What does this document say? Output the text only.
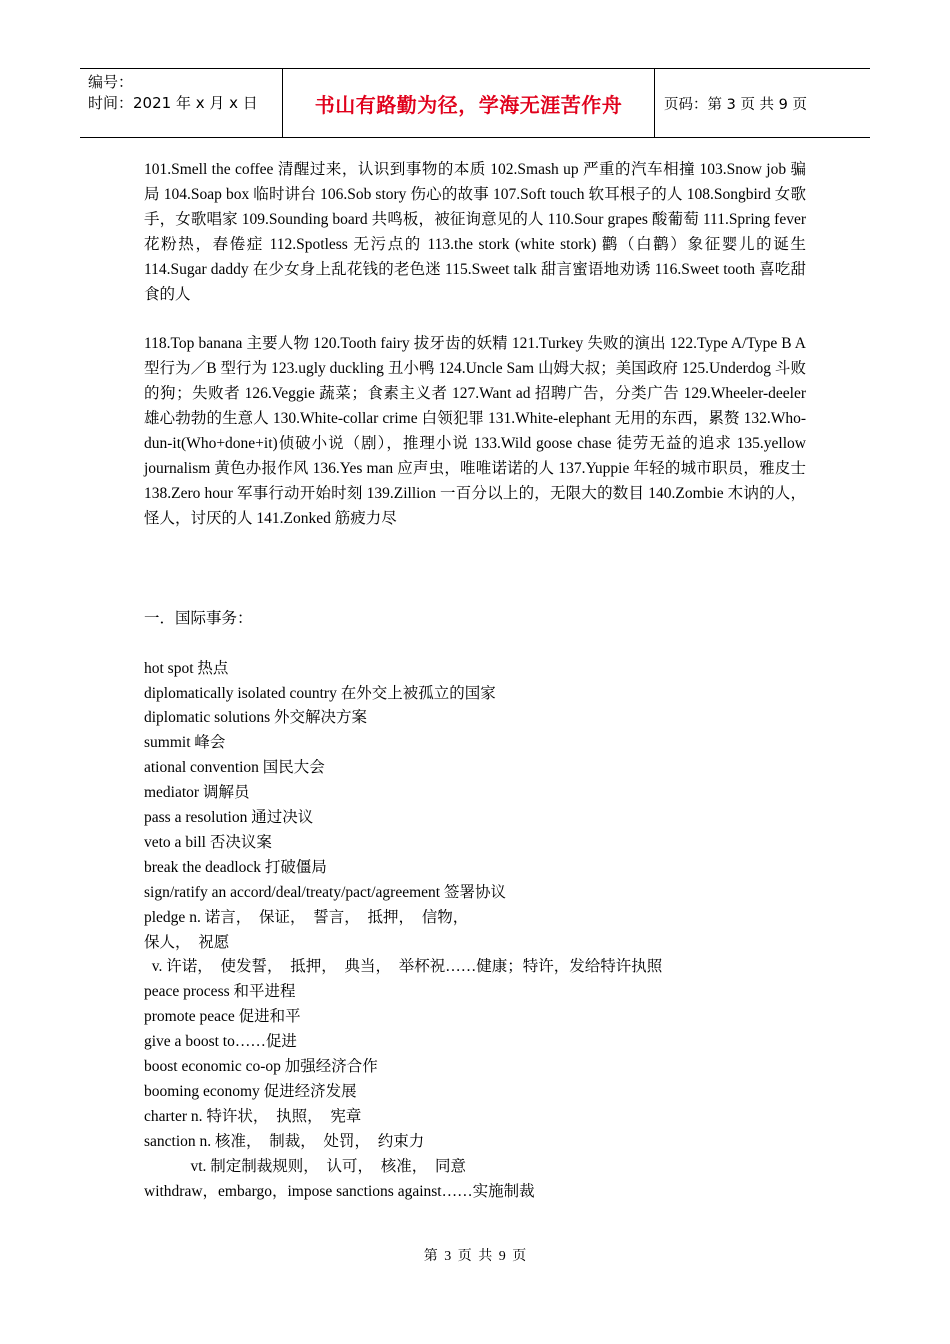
编号：
时间：2021 年 x 月 x 日	书山有路勤为径，学海无涯苦作舟	页码：第 3 页 共 9 页

101.Smell the coffee 清醒过来，认识到事物的本质 102.Smash up 严重的汽车相撞 103.Snow job 骗局 104.Soap box 临时讲台 106.Sob story 伤心的故事 107.Soft touch 软耳根子的人 108.Songbird 女歌手，女歌唱家 109.Sounding board 共鸣板，被征询意见的人 110.Sour grapes 酸葡萄 111.Spring fever 花粉热，春倦症 112.Spotless 无污点的 113.the stork (white stork) 鹳（白鹳）象征婴儿的诞生 114.Sugar daddy 在少女身上乱花钱的老色迷 115.Sweet talk 甜言蜜语地劝诱 116.Sweet tooth 喜吃甜食的人

118.Top banana 主要人物 120.Tooth fairy 拔牙齿的妖精 121.Turkey 失败的演出 122.Type A/Type B A 型行为／B 型行为 123.ugly duckling 丑小鸭 124.Uncle Sam 山姆大叔；美国政府 125.Underdog 斗败的狗；失败者 126.Veggie 蔬菜；食素主义者 127.Want ad 招聘广告，分类广告 129.Wheeler-deeler 雄心勃勃的生意人 130.White-collar crime 白领犯罪 131.White-elephant 无用的东西，累赘 132.Who-dun-it(Who+done+it)侦破小说（剧），推理小说 133.Wild goose chase 徒劳无益的追求 135.yellow journalism 黄色办报作风 136.Yes man 应声虫，唯唯诺诺的人 137.Yuppie 年轻的城市职员，雅皮士 138.Zero hour 军事行动开始时刻 139.Zillion 一百分以上的，无限大的数目 140.Zombie 木讷的人，怪人，讨厌的人 141.Zonked 筋疲力尽

一．国际事务：
hot spot 热点
diplomatically isolated country 在外交上被孤立的国家
diplomatic solutions 外交解决方案
summit 峰会
ational convention 国民大会
mediator 调解员
pass a resolution 通过决议
veto a bill 否决议案
break the deadlock 打破僵局
sign/ratify an accord/deal/treaty/pact/agreement 签署协议
pledge n. 诺言，  保证，  誓言，  抵押，  信物，
保人，  祝愿
v. 许诺，  使发誓，  抵押，  典当，  举杯祝……健康；特许，发给特许执照
peace process 和平进程
promote peace 促进和平
give a boost to……促进
boost economic co-op 加强经济合作
booming economy 促进经济发展
charter n. 特许状，  执照，  宪章
sanction n. 核准，  制裁，  处罚，  约束力
vt. 制定制裁规则，  认可，  核准，  同意
withdraw，embargo，impose sanctions against……实施制裁
第 3 页 共 9 页
